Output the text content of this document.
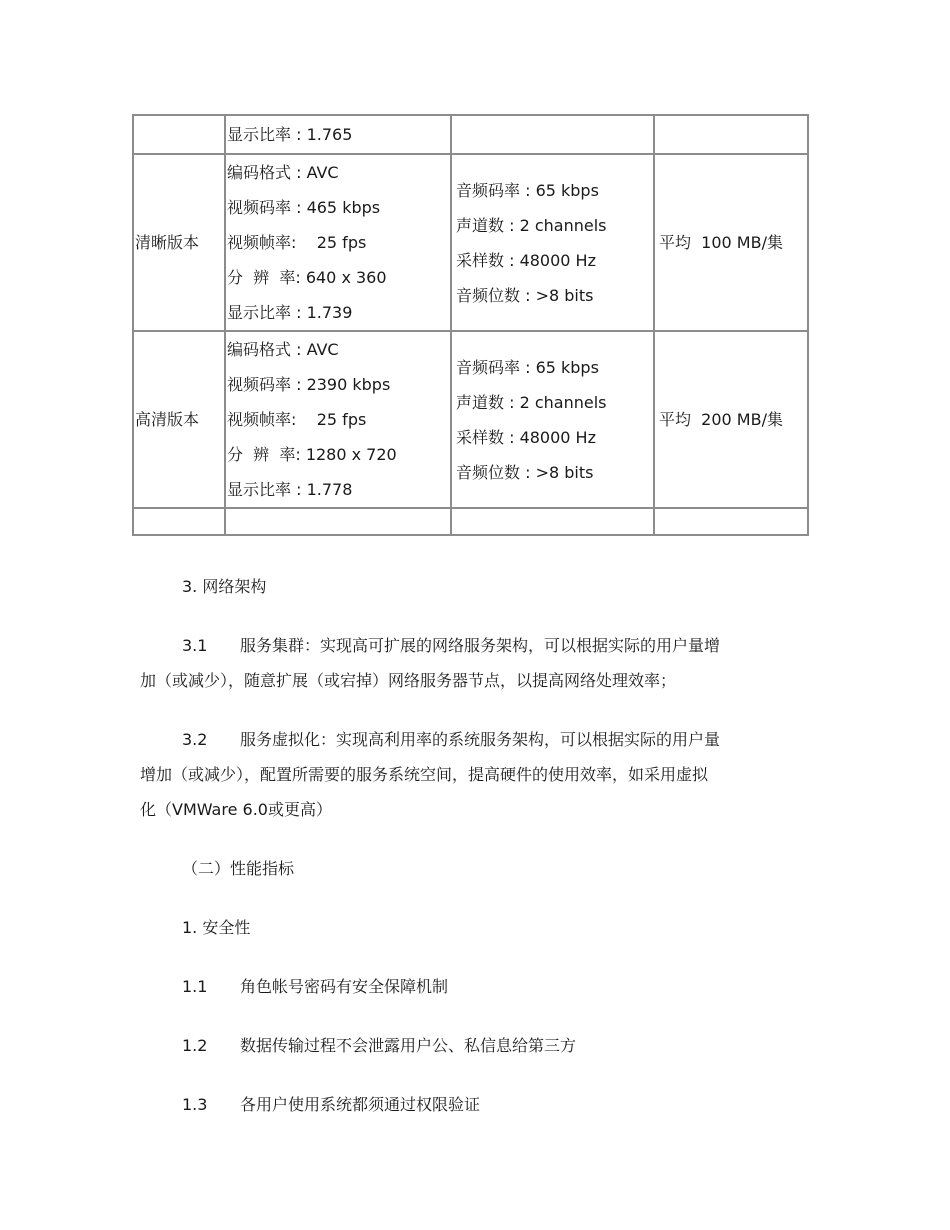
	显示比率 : 1.765		

清晰版本	编码格式 : AVC
视频码率 : 465 kbps
视频帧率:    25 fps
分  辨  率: 640 x 360
显示比率 : 1.739	音频码率 : 65 kbps
声道数 : 2 channels
采样数 : 48000 Hz
音频位数 : >8 bits	平均  100 MB/集

高清版本	编码格式 : AVC
视频码率 : 2390 kbps
视频帧率:    25 fps
分  辨  率: 1280 x 720
显示比率 : 1.778	音频码率 : 65 kbps
声道数 : 2 channels
采样数 : 48000 Hz
音频位数 : >8 bits	平均  200 MB/集

3. 网络架构
3.1 服务集群：实现高可扩展的网络服务架构，可以根据实际的用户量增
加（或减少），随意扩展（或宕掉）网络服务器节点，以提高网络处理效率；
3.2 服务虚拟化：实现高利用率的系统服务架构，可以根据实际的用户量
增加（或减少），配置所需要的服务系统空间，提高硬件的使用效率，如采用虚拟
化（VMWare 6.0或更高）
（二）性能指标
1. 安全性
1.1 角色帐号密码有安全保障机制
1.2 数据传输过程不会泄露用户公、私信息给第三方
1.3 各用户使用系统都须通过权限验证
